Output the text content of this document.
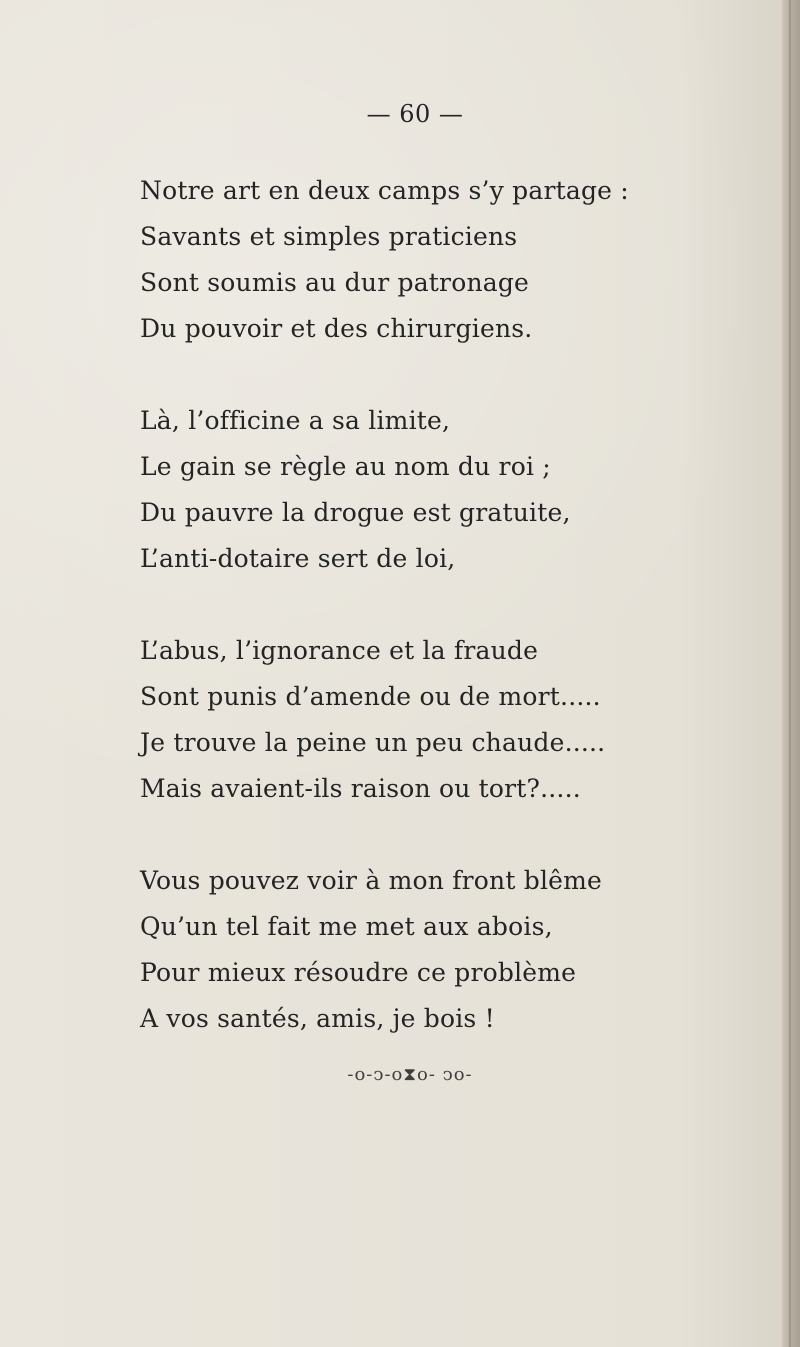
— 60 —
Notre art en deux camps s’y partage :
Savants et simples praticiens
Sont soumis au dur patronage
Du pouvoir et des chirurgiens.
Là, l’officine a sa limite,
Le gain se règle au nom du roi ;
Du pauvre la drogue est gratuite,
L’anti-dotaire sert de loi,
L’abus, l’ignorance et la fraude
Sont punis d’amende ou de mort.....
Je trouve la peine un peu chaude.....
Mais avaient-ils raison ou tort?.....
Vous pouvez voir à mon front blême
Qu’un tel fait me met aux abois,
Pour mieux résoudre ce problème
A vos santés, amis, je bois !
-o-ↄ-o⧗o- ↄo-
